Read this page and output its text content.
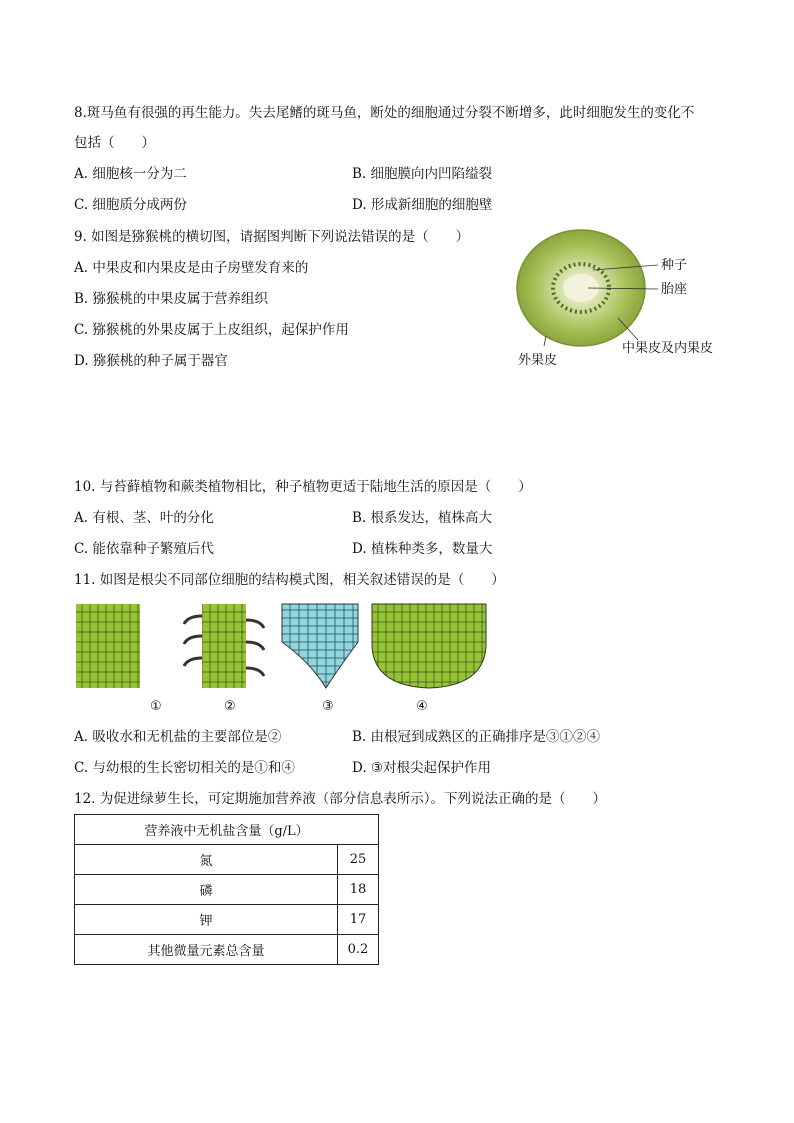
8.斑马鱼有很强的再生能力。失去尾鳍的斑马鱼，断处的细胞通过分裂不断增多，此时细胞发生的变化不
包括（　　）
A. 细胞核一分为二	B. 细胞膜向内凹陷缢裂
C. 细胞质分成两份	D. 形成新细胞的细胞壁
9. 如图是猕猴桃的横切图，请据图判断下列说法错误的是（　　）
A. 中果皮和内果皮是由子房壁发育来的
B. 猕猴桃的中果皮属于营养组织
C. 猕猴桃的外果皮属于上皮组织，起保护作用
D. 猕猴桃的种子属于器官
种子
胎座
中果皮及内果皮
外果皮
10. 与苔藓植物和蕨类植物相比，种子植物更适于陆地生活的原因是（　　）
A. 有根、茎、叶的分化	B. 根系发达，植株高大
C. 能依靠种子繁殖后代	D. 植株种类多，数量大
11. 如图是根尖不同部位细胞的结构模式图，相关叙述错误的是（　　）
①	②	③	④
A. 吸收水和无机盐的主要部位是②	B. 由根冠到成熟区的正确排序是③①②④
C. 与幼根的生长密切相关的是①和④	D. ③对根尖起保护作用
12. 为促进绿萝生长，可定期施加营养液（部分信息表所示）。下列说法正确的是（　　）
营养液中无机盐含量（g/L）	
氮	25
磷	18
钾	17
其他微量元素总含量	0.2
